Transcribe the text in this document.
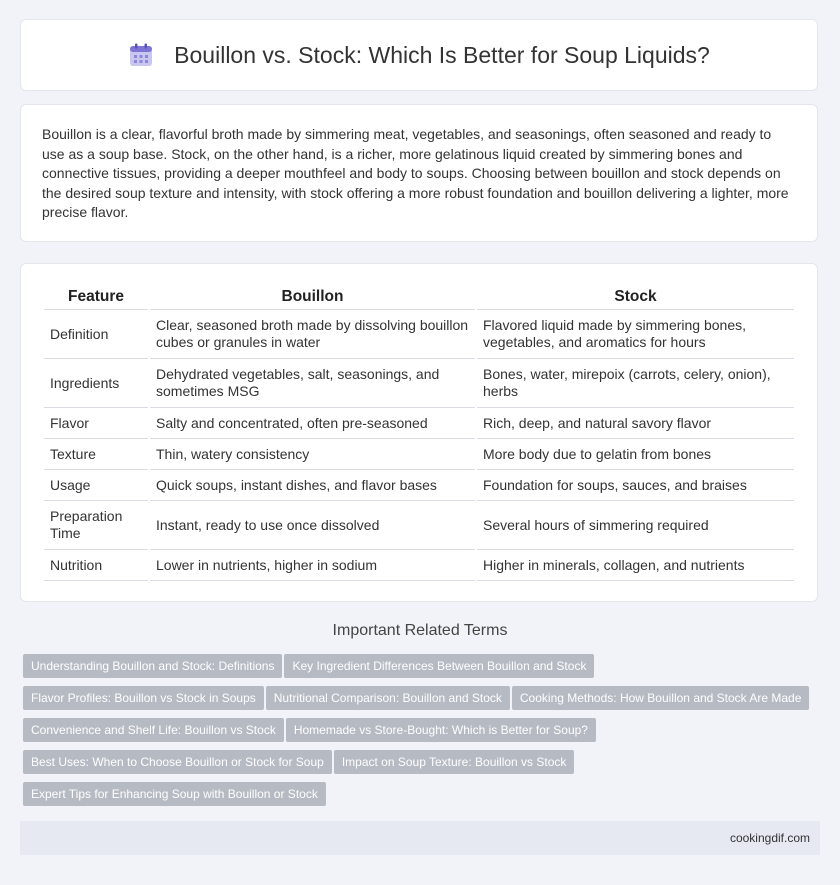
Bouillon vs. Stock: Which Is Better for Soup Liquids?

Bouillon is a clear, flavorful broth made by simmering meat, vegetables, and seasonings, often seasoned and ready to use as a soup base. Stock, on the other hand, is a richer, more gelatinous liquid created by simmering bones and connective tissues, providing a deeper mouthfeel and body to soups. Choosing between bouillon and stock depends on the desired soup texture and intensity, with stock offering a more robust foundation and bouillon delivering a lighter, more precise flavor.

Feature	Bouillon	Stock
Definition	Clear, seasoned broth made by dissolving bouillon cubes or granules in water	Flavored liquid made by simmering bones, vegetables, and aromatics for hours
Ingredients	Dehydrated vegetables, salt, seasonings, and sometimes MSG	Bones, water, mirepoix (carrots, celery, onion), herbs
Flavor	Salty and concentrated, often pre-seasoned	Rich, deep, and natural savory flavor
Texture	Thin, watery consistency	More body due to gelatin from bones
Usage	Quick soups, instant dishes, and flavor bases	Foundation for soups, sauces, and braises
Preparation Time	Instant, ready to use once dissolved	Several hours of simmering required
Nutrition	Lower in nutrients, higher in sodium	Higher in minerals, collagen, and nutrients
Important Related Terms
Understanding Bouillon and Stock: Definitions Key Ingredient Differences Between Bouillon and Stock
Flavor Profiles: Bouillon vs Stock in Soups Nutritional Comparison: Bouillon and Stock Cooking Methods: How Bouillon and Stock Are Made
Convenience and Shelf Life: Bouillon vs Stock Homemade vs Store-Bought: Which is Better for Soup?
Best Uses: When to Choose Bouillon or Stock for Soup Impact on Soup Texture: Bouillon vs Stock
Expert Tips for Enhancing Soup with Bouillon or Stock
cookingdif.com
